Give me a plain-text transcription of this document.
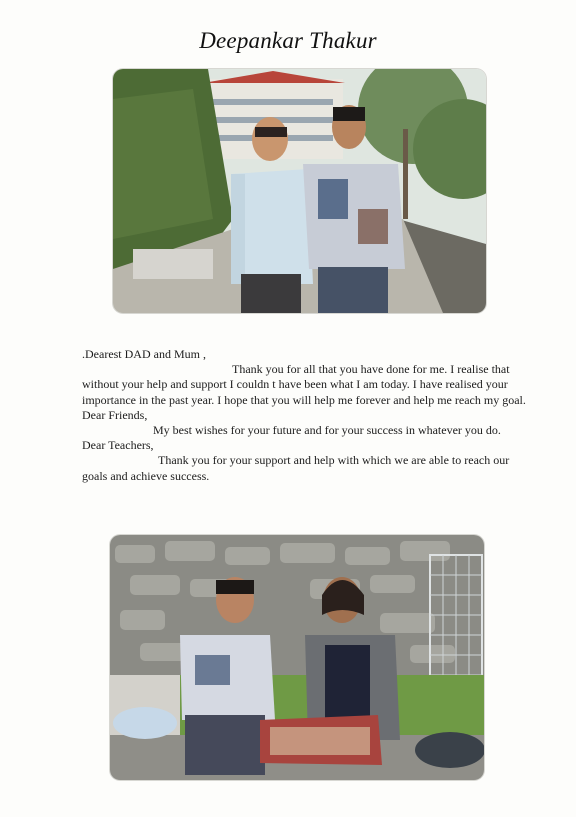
Deepankar Thakur

.Dearest DAD and Mum ,

Thank you for all that you have done for me. I realise that

without your help and support I couldn t have been what I am today. I have realised your importance in the past year. I hope that you will help me forever and help me reach my goal.

Dear Friends,

My best wishes for your future and for your success in whatever you do.

Dear Teachers,

Thank you for your support and help with which we are able to reach our

goals and achieve success.
